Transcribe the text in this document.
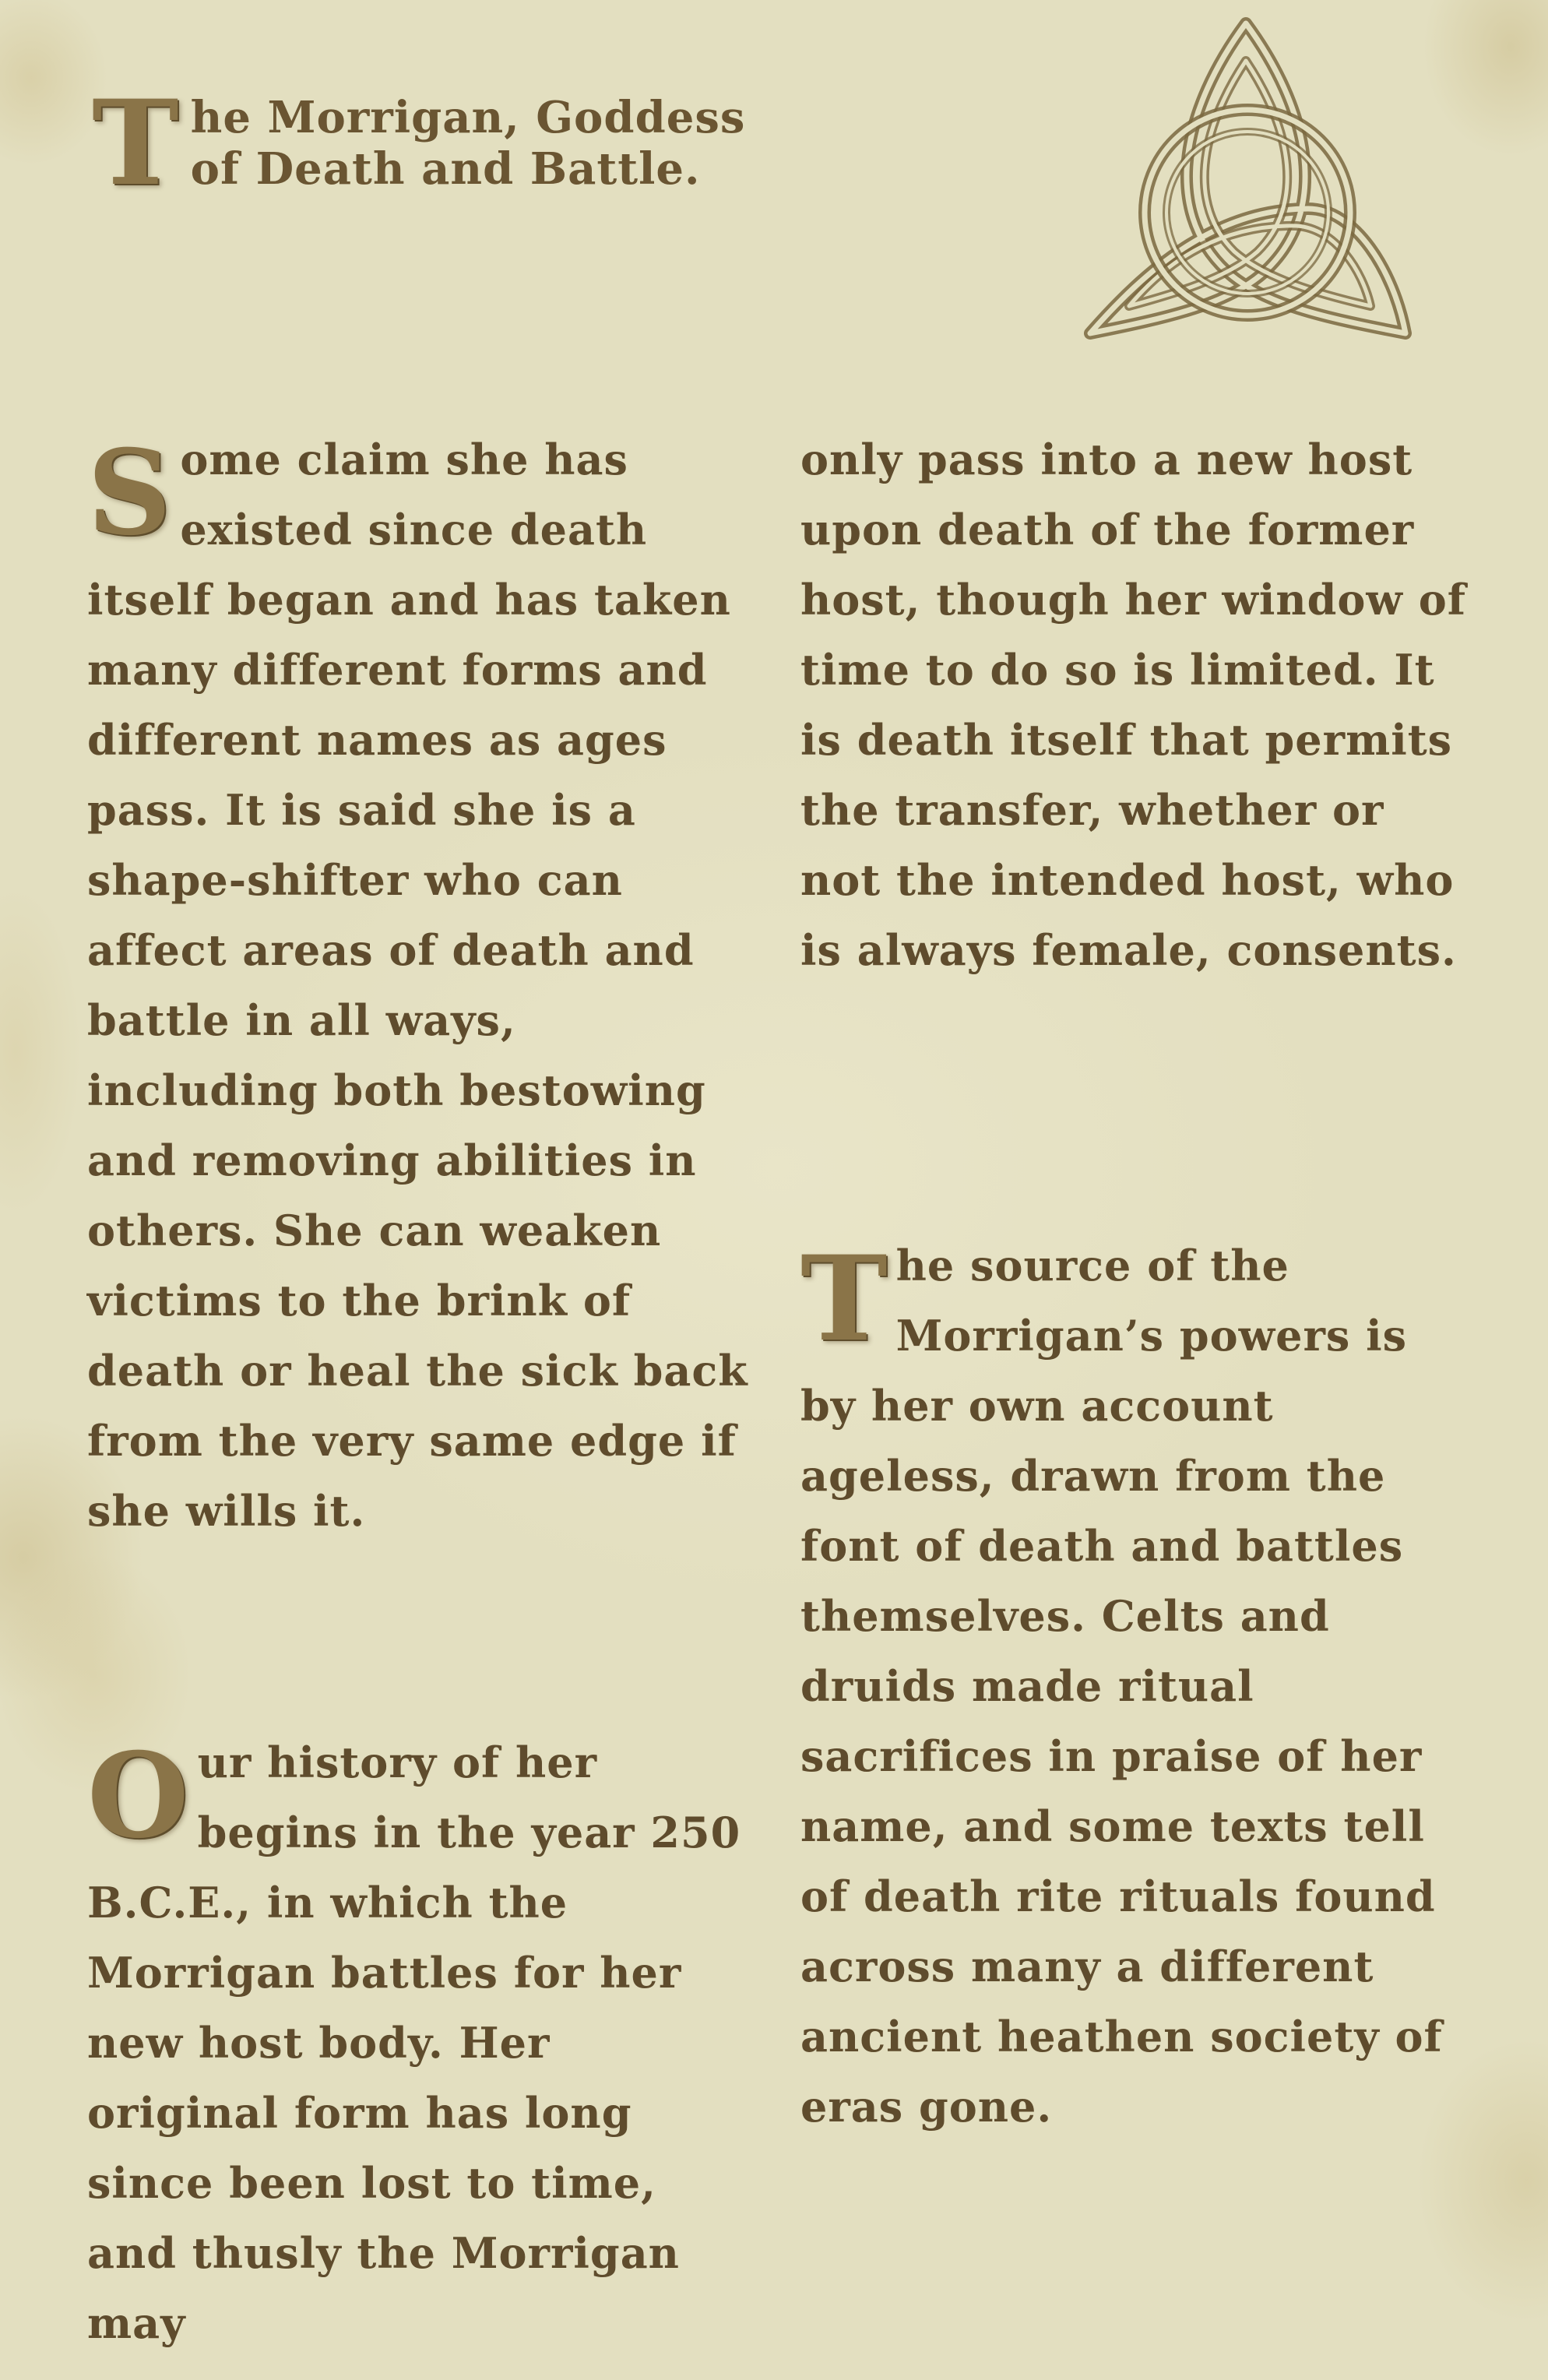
The Morrigan, Goddess of Death and Battle.
Some claim she has existed since death itself began and has taken many different forms and different names as ages pass. It is said she is a shape-shifter who can affect areas of death and battle in all ways, including both bestowing and removing abilities in others. She can weaken victims to the brink of death or heal the sick back from the very same edge if she wills it.
Our history of her begins in the year 250 B.C.E., in which the Morrigan battles for her new host body. Her original form has long since been lost to time, and thusly the Morrigan may
only pass into a new host upon death of the former host, though her window of time to do so is limited. It is death itself that permits the transfer, whether or not the intended host, who is always female, consents.
The source of the Morrigan’s powers is by her own account ageless, drawn from the font of death and battles themselves. Celts and druids made ritual sacrifices in praise of her name, and some texts tell of death rite rituals found across many a different ancient heathen society of eras gone.
